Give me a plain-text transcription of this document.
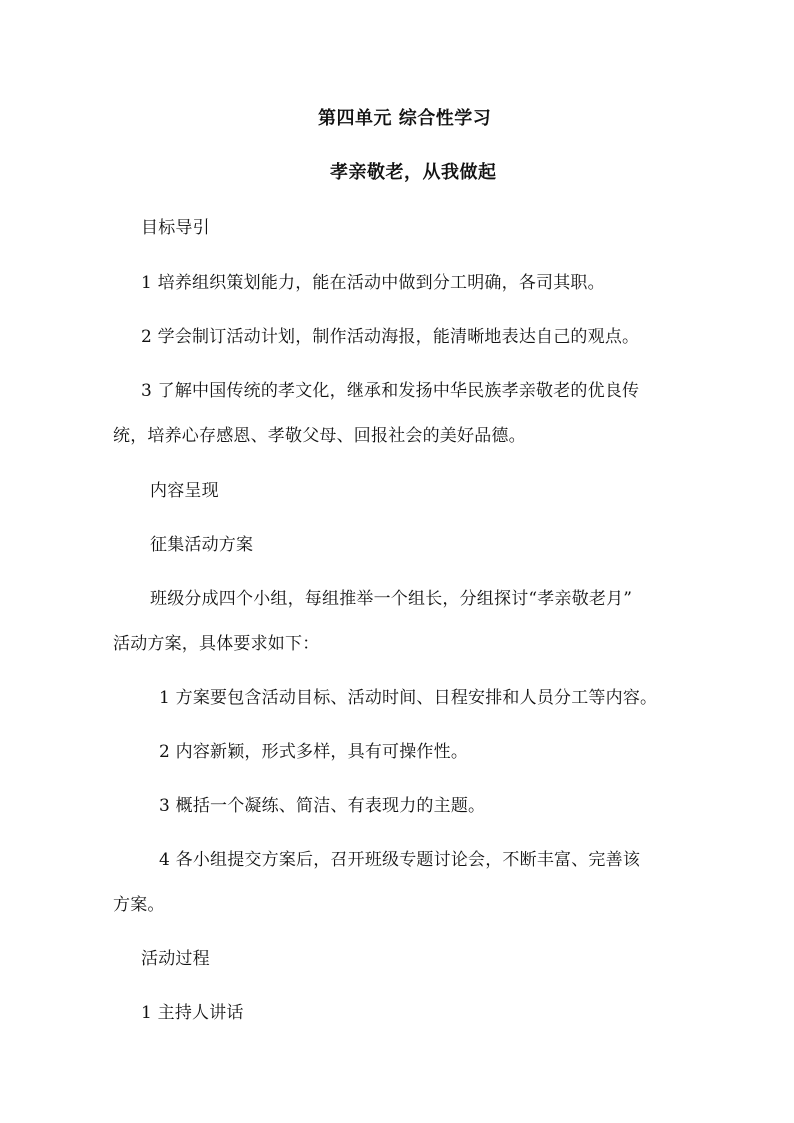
第四单元 综合性学习
孝亲敬老，从我做起
目标导引
1 培养组织策划能力，能在活动中做到分工明确，各司其职。
2 学会制订活动计划，制作活动海报，能清晰地表达自己的观点。
3 了解中国传统的孝文化，继承和发扬中华民族孝亲敬老的优良传
统，培养心存感恩、孝敬父母、回报社会的美好品德。
内容呈现
征集活动方案
班级分成四个小组，每组推举一个组长，分组探讨“孝亲敬老月”
活动方案，具体要求如下：
1 方案要包含活动目标、活动时间、日程安排和人员分工等内容。
2 内容新颖，形式多样，具有可操作性。
3 概括一个凝练、简洁、有表现力的主题。
4 各小组提交方案后，召开班级专题讨论会，不断丰富、完善该
方案。
活动过程
1 主持人讲话
